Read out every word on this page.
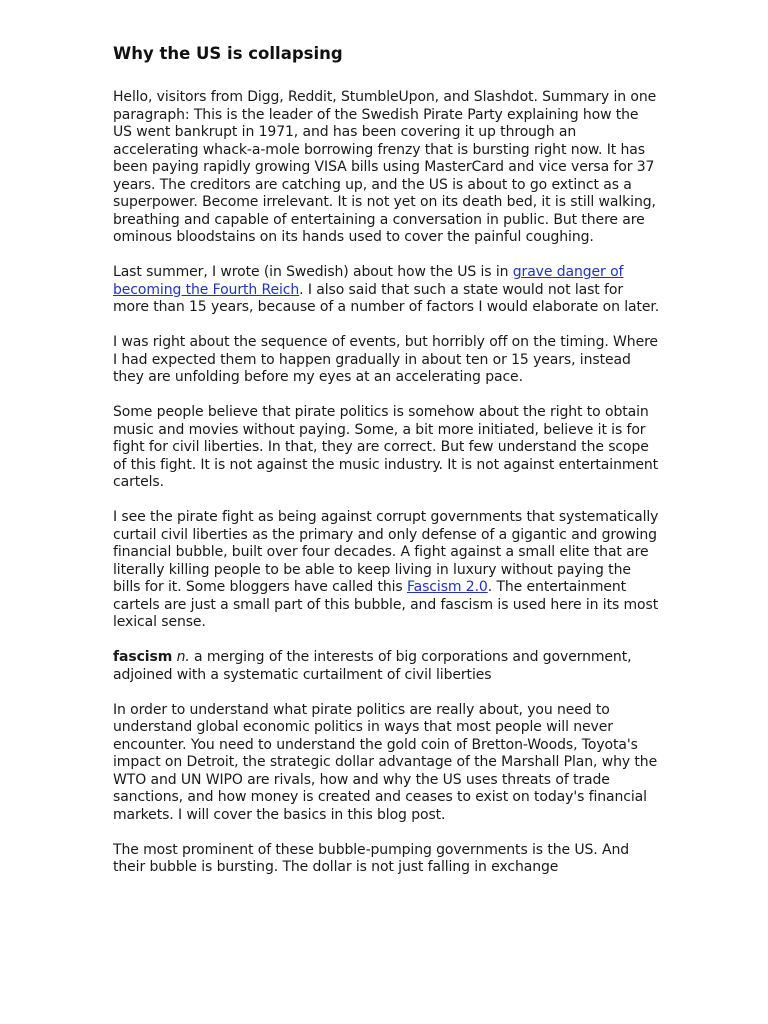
Why the US is collapsing

Hello, visitors from Digg, Reddit, StumbleUpon, and Slashdot. Summary in one paragraph: This is the leader of the Swedish Pirate Party explaining how the US went bankrupt in 1971, and has been covering it up through an accelerating whack-a-mole borrowing frenzy that is bursting right now. It has been paying rapidly growing VISA bills using MasterCard and vice versa for 37 years. The creditors are catching up, and the US is about to go extinct as a superpower. Become irrelevant. It is not yet on its death bed, it is still walking, breathing and capable of entertaining a conversation in public. But there are ominous bloodstains on its hands used to cover the painful coughing.

Last summer, I wrote (in Swedish) about how the US is in grave danger of becoming the Fourth Reich. I also said that such a state would not last for more than 15 years, because of a number of factors I would elaborate on later.

I was right about the sequence of events, but horribly off on the timing. Where I had expected them to happen gradually in about ten or 15 years, instead they are unfolding before my eyes at an accelerating pace.

Some people believe that pirate politics is somehow about the right to obtain music and movies without paying. Some, a bit more initiated, believe it is for fight for civil liberties. In that, they are correct. But few understand the scope of this fight. It is not against the music industry. It is not against entertainment cartels.

I see the pirate fight as being against corrupt governments that systematically curtail civil liberties as the primary and only defense of a gigantic and growing financial bubble, built over four decades. A fight against a small elite that are literally killing people to be able to keep living in luxury without paying the bills for it. Some bloggers have called this Fascism 2.0. The entertainment cartels are just a small part of this bubble, and fascism is used here in its most lexical sense.

fascism n. a merging of the interests of big corporations and government, adjoined with a systematic curtailment of civil liberties

In order to understand what pirate politics are really about, you need to understand global economic politics in ways that most people will never encounter. You need to understand the gold coin of Bretton-Woods, Toyota's impact on Detroit, the strategic dollar advantage of the Marshall Plan, why the WTO and UN WIPO are rivals, how and why the US uses threats of trade sanctions, and how money is created and ceases to exist on today's financial markets. I will cover the basics in this blog post.

The most prominent of these bubble-pumping governments is the US. And their bubble is bursting. The dollar is not just falling in exchange
